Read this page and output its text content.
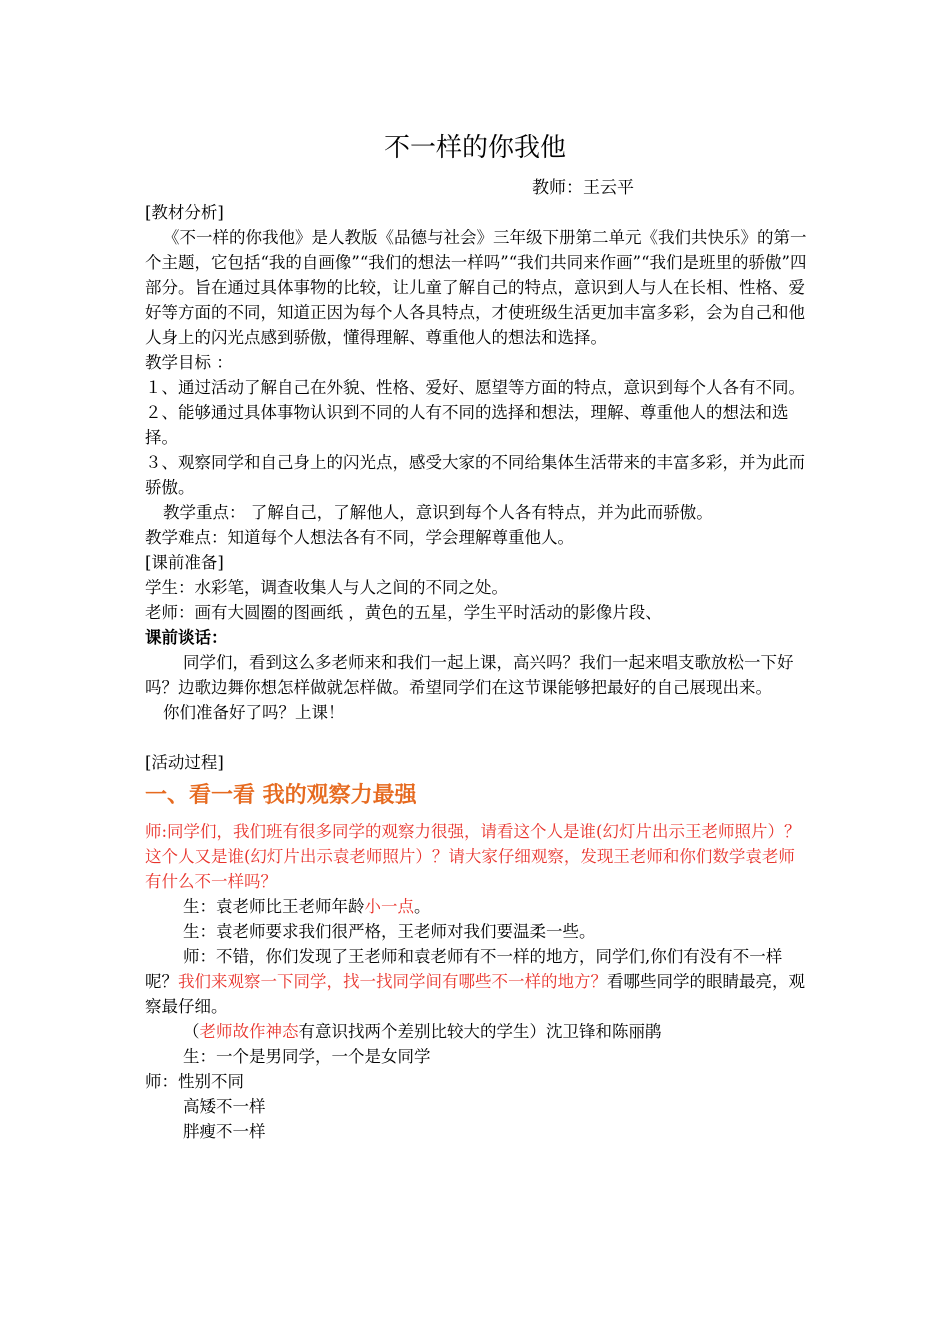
不一样的你我他
教师：王云平

[教材分析]

《不一样的你我他》是人教版《品德与社会》三年级下册第二单元《我们共快乐》的第一个主题，它包括“我的自画像”“我们的想法一样吗”“我们共同来作画”“我们是班里的骄傲”四部分。旨在通过具体事物的比较，让儿童了解自己的特点，意识到人与人在长相、性格、爱好等方面的不同，知道正因为每个人各具特点，才使班级生活更加丰富多彩，会为自己和他人身上的闪光点感到骄傲，懂得理解、尊重他人的想法和选择。

教学目标 ：

１、通过活动了解自己在外貌、性格、爱好、愿望等方面的特点，意识到每个人各有不同。

２、能够通过具体事物认识到不同的人有不同的选择和想法，理解、尊重他人的想法和选择。

３、观察同学和自己身上的闪光点，感受大家的不同给集体生活带来的丰富多彩，并为此而骄傲。

教学重点： 了解自己，了解他人，意识到每个人各有特点，并为此而骄傲。

教学难点：知道每个人想法各有不同，学会理解尊重他人。

[课前准备]

学生：水彩笔，调查收集人与人之间的不同之处。

老师：画有大圆圈的图画纸 ，黄色的五星，学生平时活动的影像片段、

课前谈话：

同学们，看到这么多老师来和我们一起上课，高兴吗？我们一起来唱支歌放松一下好吗？边歌边舞你想怎样做就怎样做。希望同学们在这节课能够把最好的自己展现出来。

你们准备好了吗？上课！

[活动过程]

一、看一看 我的观察力最强

师:同学们，我们班有很多同学的观察力很强，请看这个人是谁(幻灯片出示王老师照片）？这个人又是谁(幻灯片出示袁老师照片）？请大家仔细观察，发现王老师和你们数学袁老师有什么不一样吗？

生：袁老师比王老师年龄小一点。

生：袁老师要求我们很严格，王老师对我们要温柔一些。

师：不错，你们发现了王老师和袁老师有不一样的地方，同学们,你们有没有不一样呢？我们来观察一下同学，找一找同学间有哪些不一样的地方？看哪些同学的眼睛最亮，观察最仔细。

（老师故作神态有意识找两个差别比较大的学生）沈卫锋和陈丽鹃

生：一个是男同学，一个是女同学

师：性别不同

高矮不一样

胖瘦不一样
